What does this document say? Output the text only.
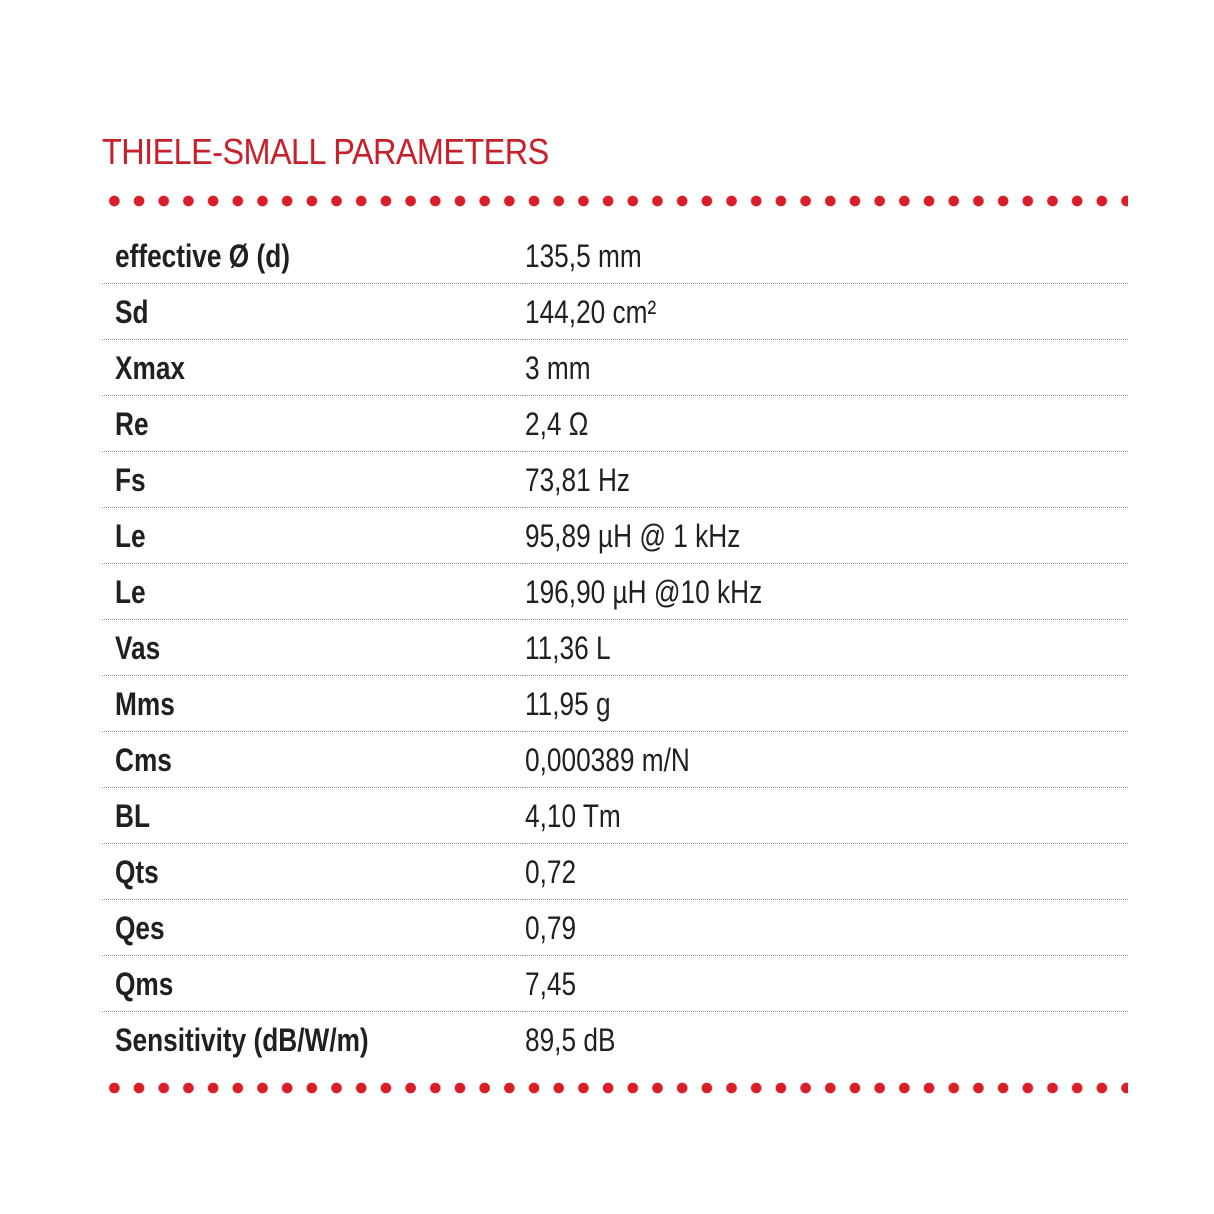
THIELE-SMALL PARAMETERS
effective Ø (d)	135,5 mm
Sd	144,20 cm²
Xmax	3 mm
Re	2,4 Ω
Fs	73,81 Hz
Le	95,89 µH @ 1 kHz
Le	196,90 µH @10 kHz
Vas	11,36 L
Mms	11,95 g
Cms	0,000389 m/N
BL	4,10 Tm
Qts	0,72
Qes	0,79
Qms	7,45
Sensitivity (dB/W/m)	89,5 dB
